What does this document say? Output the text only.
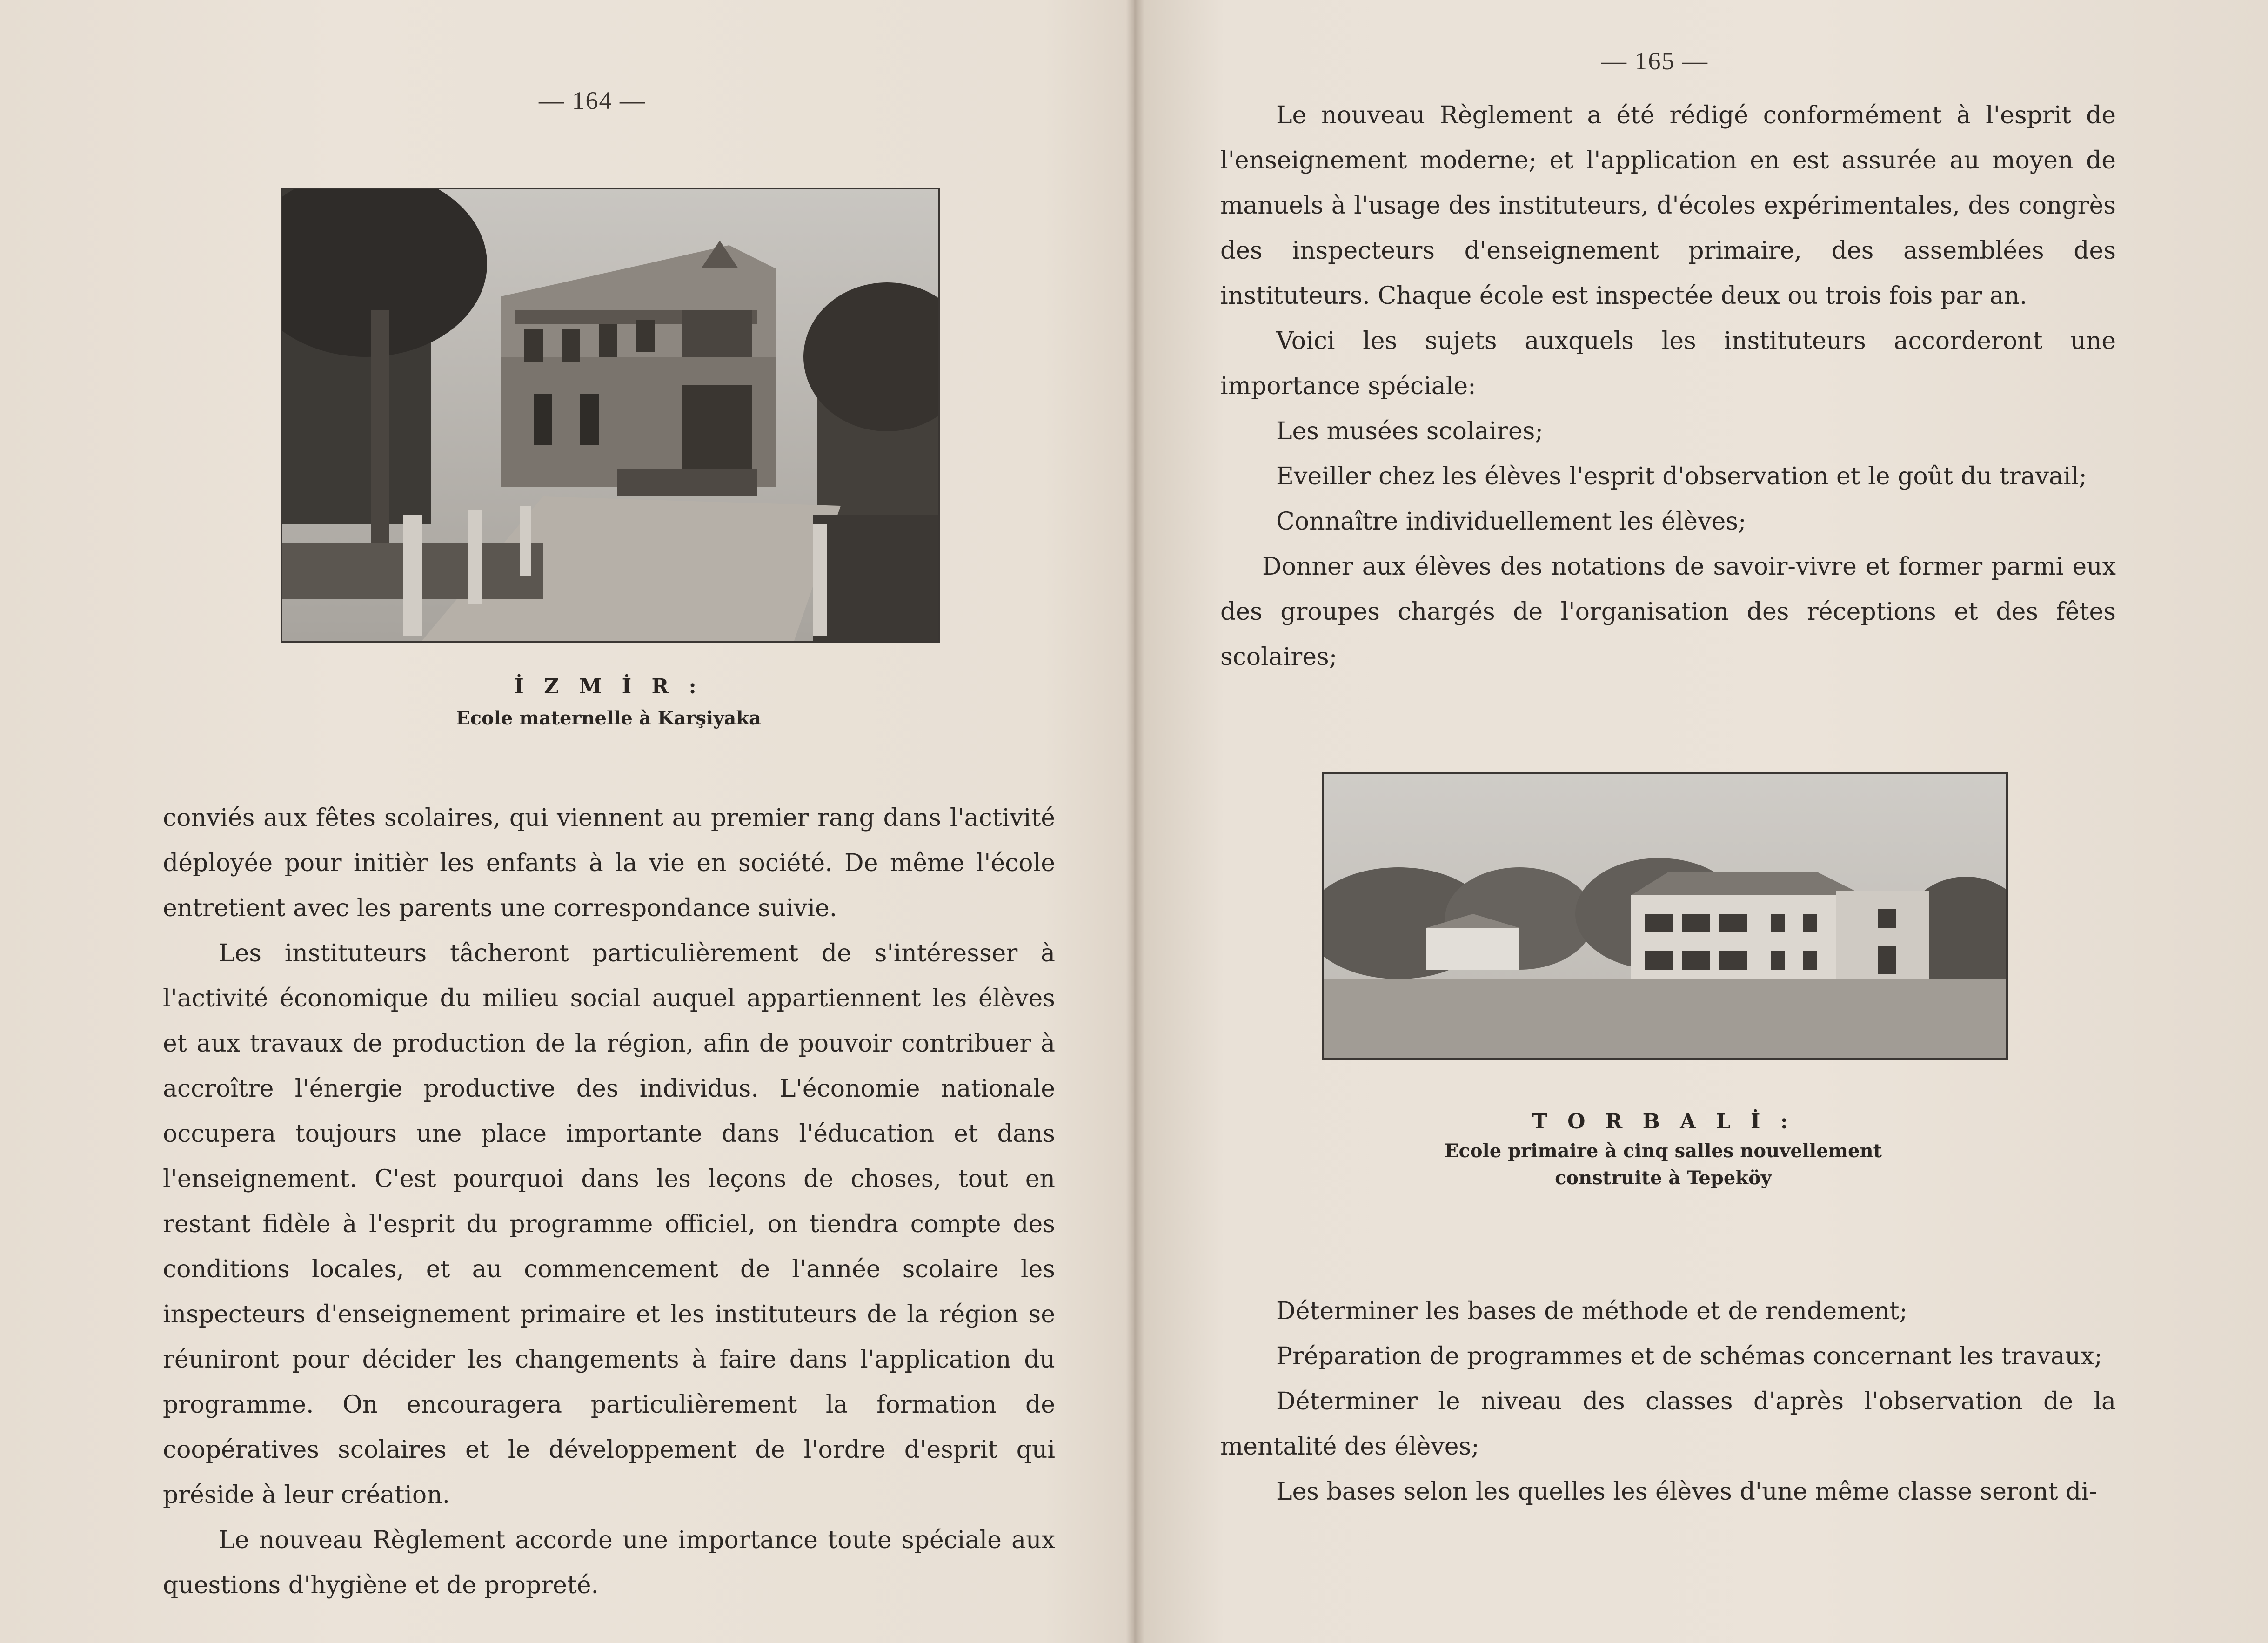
— 164 —
İ Z M İ R :
Ecole maternelle à Karşiyaka

conviés aux fêtes scolaires, qui viennent au premier rang dans l'activité déployée pour initièr les enfants à la vie en société. De même l'école entretient avec les parents une correspondance suivie.

Les instituteurs tâcheront particulièrement de s'intéresser à l'activité économique du milieu social auquel appartiennent les élèves et aux travaux de production de la région, afin de pouvoir contribuer à accroître l'énergie productive des individus. L'économie nationale occupera toujours une place importante dans l'éducation et dans l'enseignement. C'est pourquoi dans les leçons de choses, tout en restant fidèle à l'esprit du programme officiel, on tiendra compte des conditions locales, et au commencement de l'année scolaire les inspecteurs d'enseignement primaire et les instituteurs de la région se réuniront pour décider les changements à faire dans l'application du programme. On encouragera particulièrement la formation de coopératives scolaires et le développement de l'ordre d'esprit qui préside à leur création.

Le nouveau Règlement accorde une importance toute spéciale aux questions d'hygiène et de propreté.

— 165 —

Le nouveau Règlement a été rédigé conformément à l'esprit de l'enseignement moderne; et l'application en est assurée au moyen de manuels à l'usage des instituteurs, d'écoles expérimentales, des congrès des inspecteurs d'enseignement primaire, des assemblées des instituteurs. Chaque école est inspectée deux ou trois fois par an.

Voici les sujets auxquels les instituteurs accorderont une importance spéciale:

Les musées scolaires;

Eveiller chez les élèves l'esprit d'observation et le goût du travail;

Connaître individuellement les élèves;

Donner aux élèves des notations de savoir-vivre et former parmi eux des groupes chargés de l'organisation des réceptions et des fêtes scolaires;

T O R B A L İ :
Ecole primaire à cinq salles nouvellement
construite à Tepeköy

Déterminer les bases de méthode et de rendement;

Préparation de programmes et de schémas concernant les travaux;

Déterminer le niveau des classes d'après l'observation de la mentalité des élèves;

Les bases selon les quelles les élèves d'une même classe seront di-
